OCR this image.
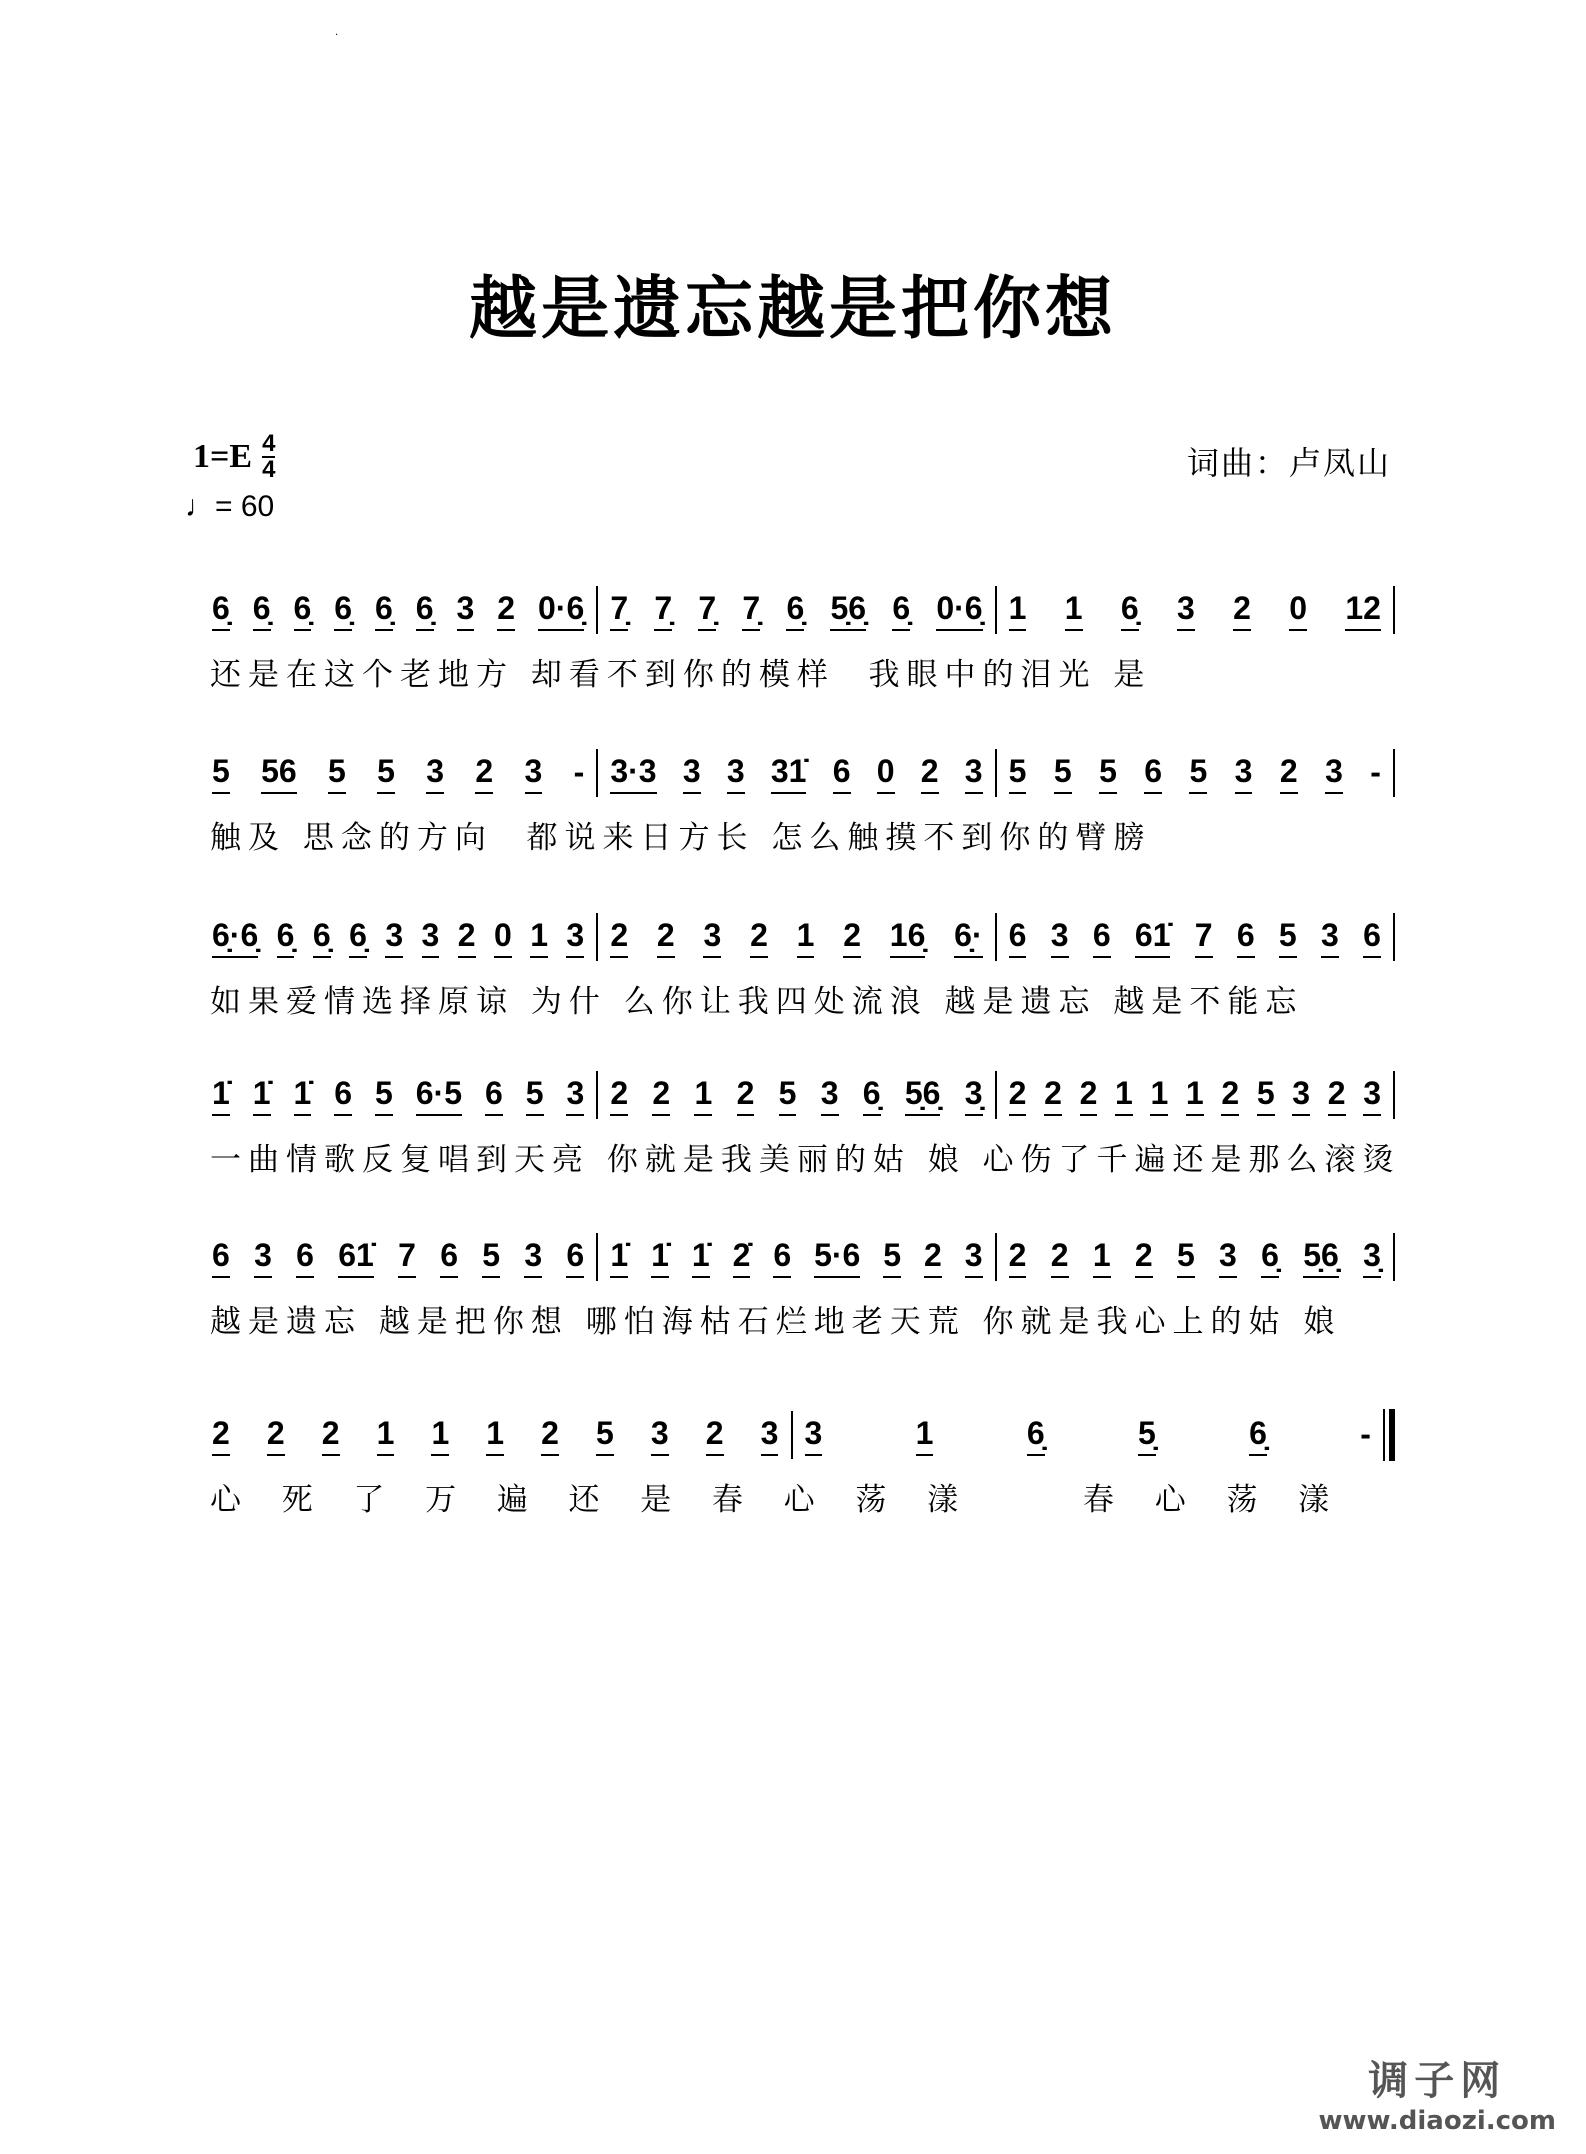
·
越是遗忘越是把你想
$1=E \frac{4}{4}$
♩= 60
词曲：卢凤山
6̣ 6̣ 6̣ 6̣ 6̣ 6̣ 3 2 0·6̣ 7̣ 7̣ 7̣ 7̣ 6̣ 5̣6̣ 6̣ 0·6̣ 1 1 6̣ 3 2 0 12
还是在这个老地方 却看不到你的模样  我眼中的泪光 是
5 56 5 5 3 2 3 - 3·3 3 3 31̇ 6 0 2 3 5 5 5 6 5 3 2 3 -
触及 思念的方向  都说来日方长 怎么触摸不到你的臂膀
6̣·6̣ 6̣ 6̣ 6̣ 3 3 2 0 1 3 2 2 3 2 1 2 16̣ 6̣· 6 3 6 61̇ 7 6 5 3 6
如果爱情选择原谅 为什 么你让我四处流浪 越是遗忘 越是不能忘
1̇ 1̇ 1̇ 6 5 6·5 6 5 3 2 2 1 2 5 3 6̣ 5̣6̣ 3̣ 2 2 2 1 1 1 2 5 3 2 3
一曲情歌反复唱到天亮 你就是我美丽的姑 娘 心伤了千遍还是那么滚烫
6 3 6 61̇ 7 6 5 3 6 1̇ 1̇ 1̇ 2̇ 6 5·6 5 2 3 2 2 1 2 5 3 6̣ 5̣6̣ 3̣
越是遗忘 越是把你想 哪怕海枯石烂地老天荒 你就是我心上的姑 娘
2 2 2 1 1 1 2 5 3 2 3 3	1	6̣	5̣	6̣	-
心  死  了  万  遍  还  是  春  心  荡  漾       春  心  荡  漾
调子网
www.diaozi.com
